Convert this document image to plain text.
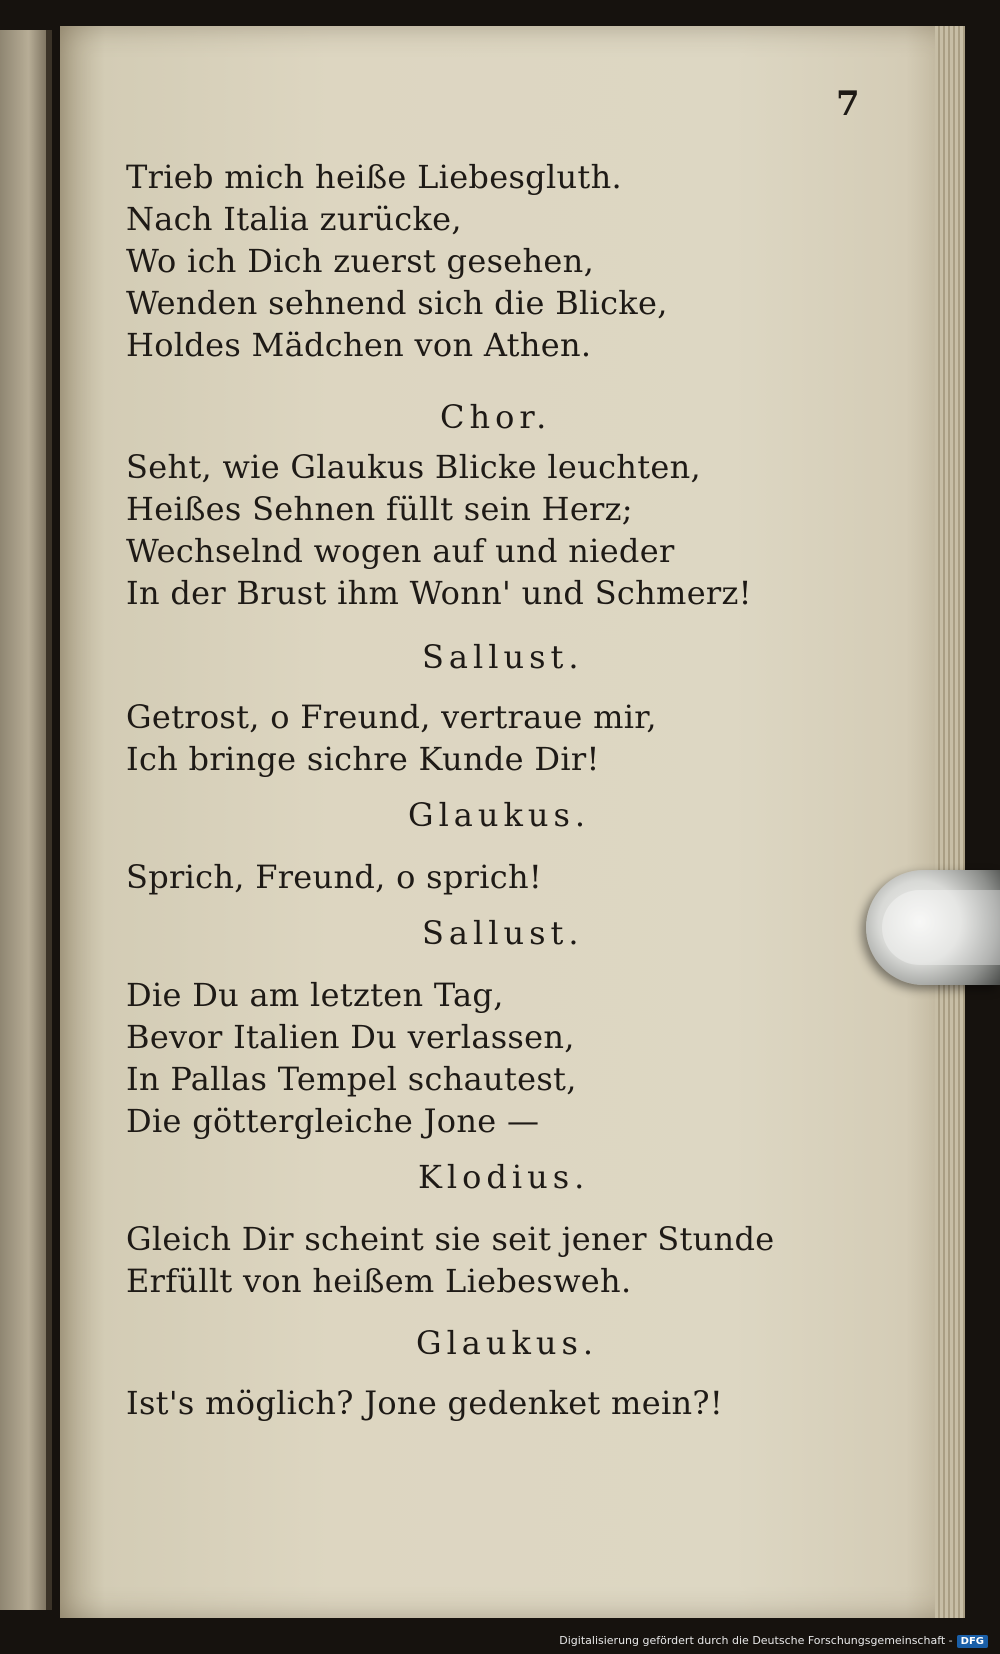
7
Trieb mich heiße Liebesgluth.
Nach Italia zurücke,
Wo ich Dich zuerst gesehen,
Wenden sehnend sich die Blicke,
Holdes Mädchen von Athen.
Chor.
Seht, wie Glaukus Blicke leuchten,
Heißes Sehnen füllt sein Herz;
Wechselnd wogen auf und nieder
In der Brust ihm Wonn' und Schmerz!
Sallust.
Getrost, o Freund, vertraue mir,
Ich bringe sichre Kunde Dir!
Glaukus.
Sprich, Freund, o sprich!
Sallust.
Die Du am letzten Tag,
Bevor Italien Du verlassen,
In Pallas Tempel schautest,
Die göttergleiche Jone —
Klodius.
Gleich Dir scheint sie seit jener Stunde
Erfüllt von heißem Liebesweh.
Glaukus.
Ist's möglich? Jone gedenket mein?!
Digitalisierung gefördert durch die Deutsche Forschungsgemeinschaft - DFG
